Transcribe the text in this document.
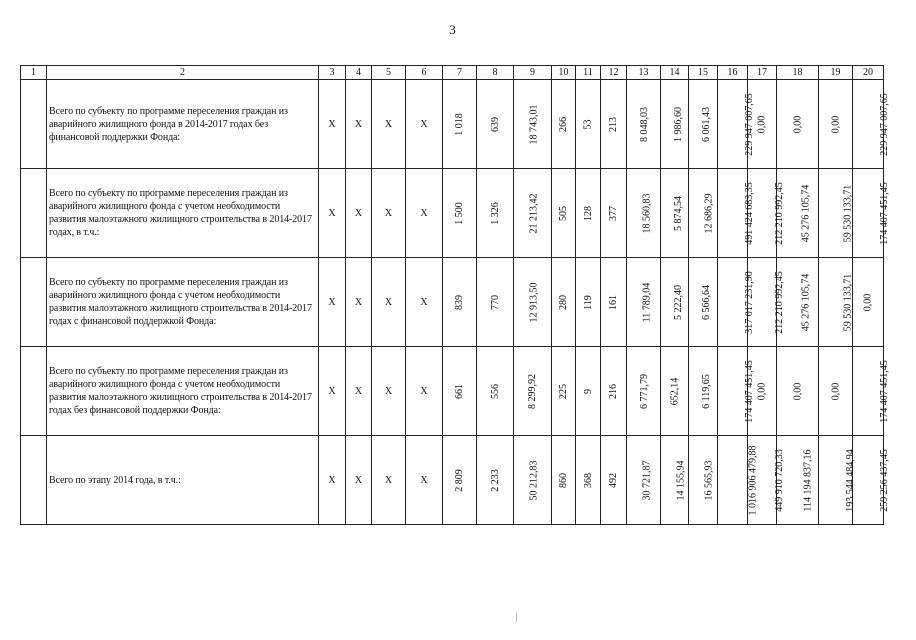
3
1	2	3	4	5	6	7	8	9	10	11	12	13	14	15	16	17	18	19	20
	Всего по субъекту по программе переселения граждан из аварийного жилищного фонда в 2014-2017 годах без финансовой поддержки Фонда:	X	X	X	X	1 018	639	18 743,01	266	53	213	8 048,03	1 986,60	6 061,43	229 947 007,65	0,00	0,00	0,00	229 947 007,65
	Всего по субъекту по программе переселения граждан из аварийного жилищного фонда с учетом необходимости развития малоэтажного жилищного строительства в 2014-2017 годах, в т.ч.:	X	X	X	X	1 500	1 326	21 213,42	505	128	377	18 560,83	5 874,54	12 686,29	491 424 683,35	212 210 992,45	45 276 105,74	59 530 133,71	174 407 451,45
	Всего по субъекту по программе переселения граждан из аварийного жилищного фонда с учетом необходимости развития малоэтажного жилищного строительства в 2014-2017 годах с финансовой поддержкой Фонда:	X	X	X	X	839	770	12 913,50	280	119	161	11 789,04	5 222,40	6 566,64	317 017 231,90	212 210 992,45	45 276 105,74	59 530 133,71	0,00
	Всего по субъекту по программе переселения граждан из аварийного жилищного фонда с учетом необходимости развития малоэтажного жилищного строительства в 2014-2017 годах без финансовой поддержки Фонда:	X	X	X	X	661	556	8 299,92	225	9	216	6 771,79	652,14	6 119,65	174 407 451,45	0,00	0,00	0,00	174 407 451,45
	Всего по этапу 2014 года, в т.ч.:	X	X	X	X	2 809	2 233	50 212,83	860	368	492	30 721,87	14 155,94	16 565,93	1 016 906 479,88	449 910 720,33	114 194 837,16	193 544 484,94	259 256 437,45
